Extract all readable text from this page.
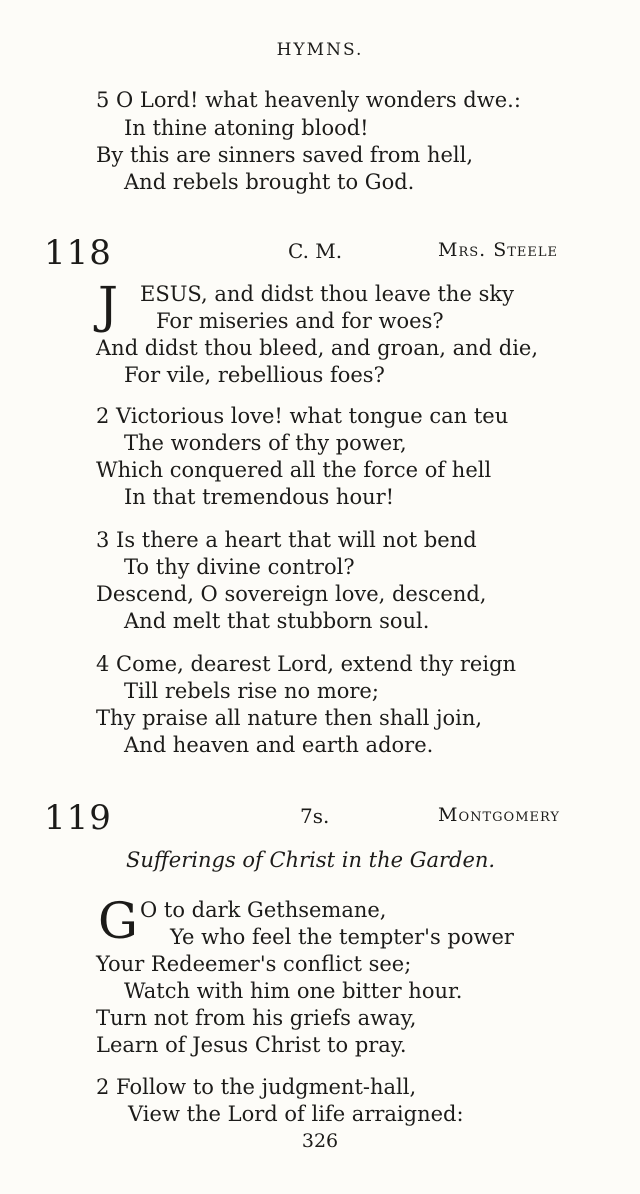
HYMNS.
5 O Lord! what heavenly wonders dwe.:
In thine atoning blood!
By this are sinners saved from hell,
And rebels brought to God.
118	C. M.	Mrs. Steele
J ESUS, and didst thou leave the sky
For miseries and for woes?
And didst thou bleed, and groan, and die,
For vile, rebellious foes?
2 Victorious love! what tongue can teu
The wonders of thy power,
Which conquered all the force of hell
In that tremendous hour!
3 Is there a heart that will not bend
To thy divine control?
Descend, O sovereign love, descend,
And melt that stubborn soul.
4 Come, dearest Lord, extend thy reign
Till rebels rise no more;
Thy praise all nature then shall join,
And heaven and earth adore.
119	7s.	Montgomery
Sufferings of Christ in the Garden.
G O to dark Gethsemane,
Ye who feel the tempter's power
Your Redeemer's conflict see;
Watch with him one bitter hour.
Turn not from his griefs away,
Learn of Jesus Christ to pray.
2 Follow to the judgment-hall,
View the Lord of life arraigned:
326
